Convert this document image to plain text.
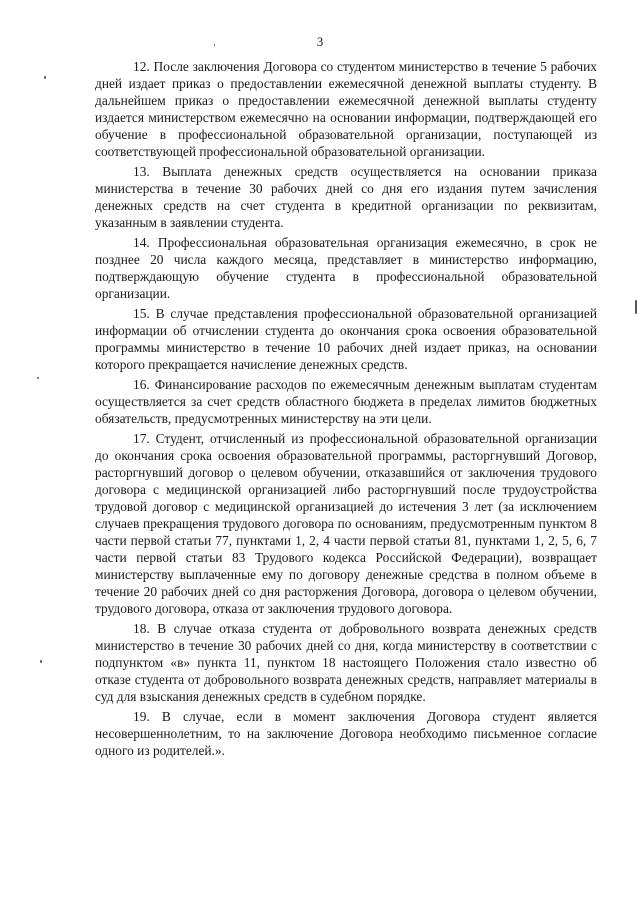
3

12. После заключения Договора со студентом министерство в течение 5 рабочих дней издает приказ о предоставлении ежемесячной денежной выплаты студенту. В дальнейшем приказ о предоставлении ежемесячной денежной выплаты студенту издается министерством ежемесячно на основании информации, подтверждающей его обучение в профессиональной образовательной организации, поступающей из соответствующей профессиональной образовательной организации.

13. Выплата денежных средств осуществляется на основании приказа министерства в течение 30 рабочих дней со дня его издания путем зачисления денежных средств на счет студента в кредитной организации по реквизитам, указанным в заявлении студента.

14. Профессиональная образовательная организация ежемесячно, в срок не позднее 20 числа каждого месяца, представляет в министерство информацию, подтверждающую обучение студента в профессиональной образовательной организации.

15. В случае представления профессиональной образовательной организацией информации об отчислении студента до окончания срока освоения образовательной программы министерство в течение 10 рабочих дней издает приказ, на основании которого прекращается начисление денежных средств.

16. Финансирование расходов по ежемесячным денежным выплатам студентам осуществляется за счет средств областного бюджета в пределах лимитов бюджетных обязательств, предусмотренных министерству на эти цели.

17. Студент, отчисленный из профессиональной образовательной организации до окончания срока освоения образовательной программы, расторгнувший Договор, расторгнувший договор о целевом обучении, отказавшийся от заключения трудового договора с медицинской организацией либо расторгнувший после трудоустройства трудовой договор с медицинской организацией до истечения 3 лет (за исключением случаев прекращения трудового договора по основаниям, предусмотренным пунктом 8 части первой статьи 77, пунктами 1, 2, 4 части первой статьи 81, пунктами 1, 2, 5, 6, 7 части первой статьи 83 Трудового кодекса Российской Федерации), возвращает министерству выплаченные ему по договору денежные средства в полном объеме в течение 20 рабочих дней со дня расторжения Договора, договора о целевом обучении, трудового договора, отказа от заключения трудового договора.

18. В случае отказа студента от добровольного возврата денежных средств министерство в течение 30 рабочих дней со дня, когда министерству в соответствии с подпунктом «в» пункта 11, пунктом 18 настоящего Положения стало известно об отказе студента от добровольного возврата денежных средств, направляет материалы в суд для взыскания денежных средств в судебном порядке.

19. В случае, если в момент заключения Договора студент является несовершеннолетним, то на заключение Договора необходимо письменное согласие одного из родителей.».
